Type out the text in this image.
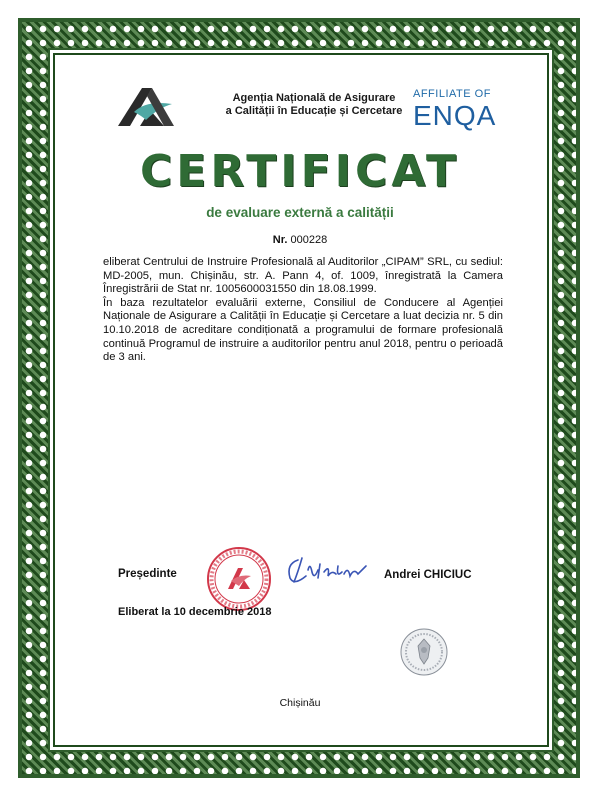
Agenția Națională de Asigurare
a Calității în Educație și Cercetare
AFFILIATE OF
ENQA
CERTIFICAT
de evaluare externă a calității
Nr. 000228

eliberat Centrului de Instruire Profesională al Auditorilor „CIPAM” SRL, cu sediul: MD-2005, mun. Chișinău, str. A. Pann 4, of. 1009, înregistrată la Camera Înregistrării de Stat nr. 1005600031550 din 18.08.1999.

În baza rezultatelor evaluării externe, Consiliul de Conducere al Agenției Naționale de Asigurare a Calității în Educație și Cercetare a luat decizia nr. 5 din 10.10.2018 de acreditare condiționată a programului de formare profesională continuă Programul de instruire a auditorilor pentru anul 2018, pentru o perioadă de 3 ani.

Președinte	Andrei CHICIUC
Eliberat la 10 decembrie 2018
Chișinău
